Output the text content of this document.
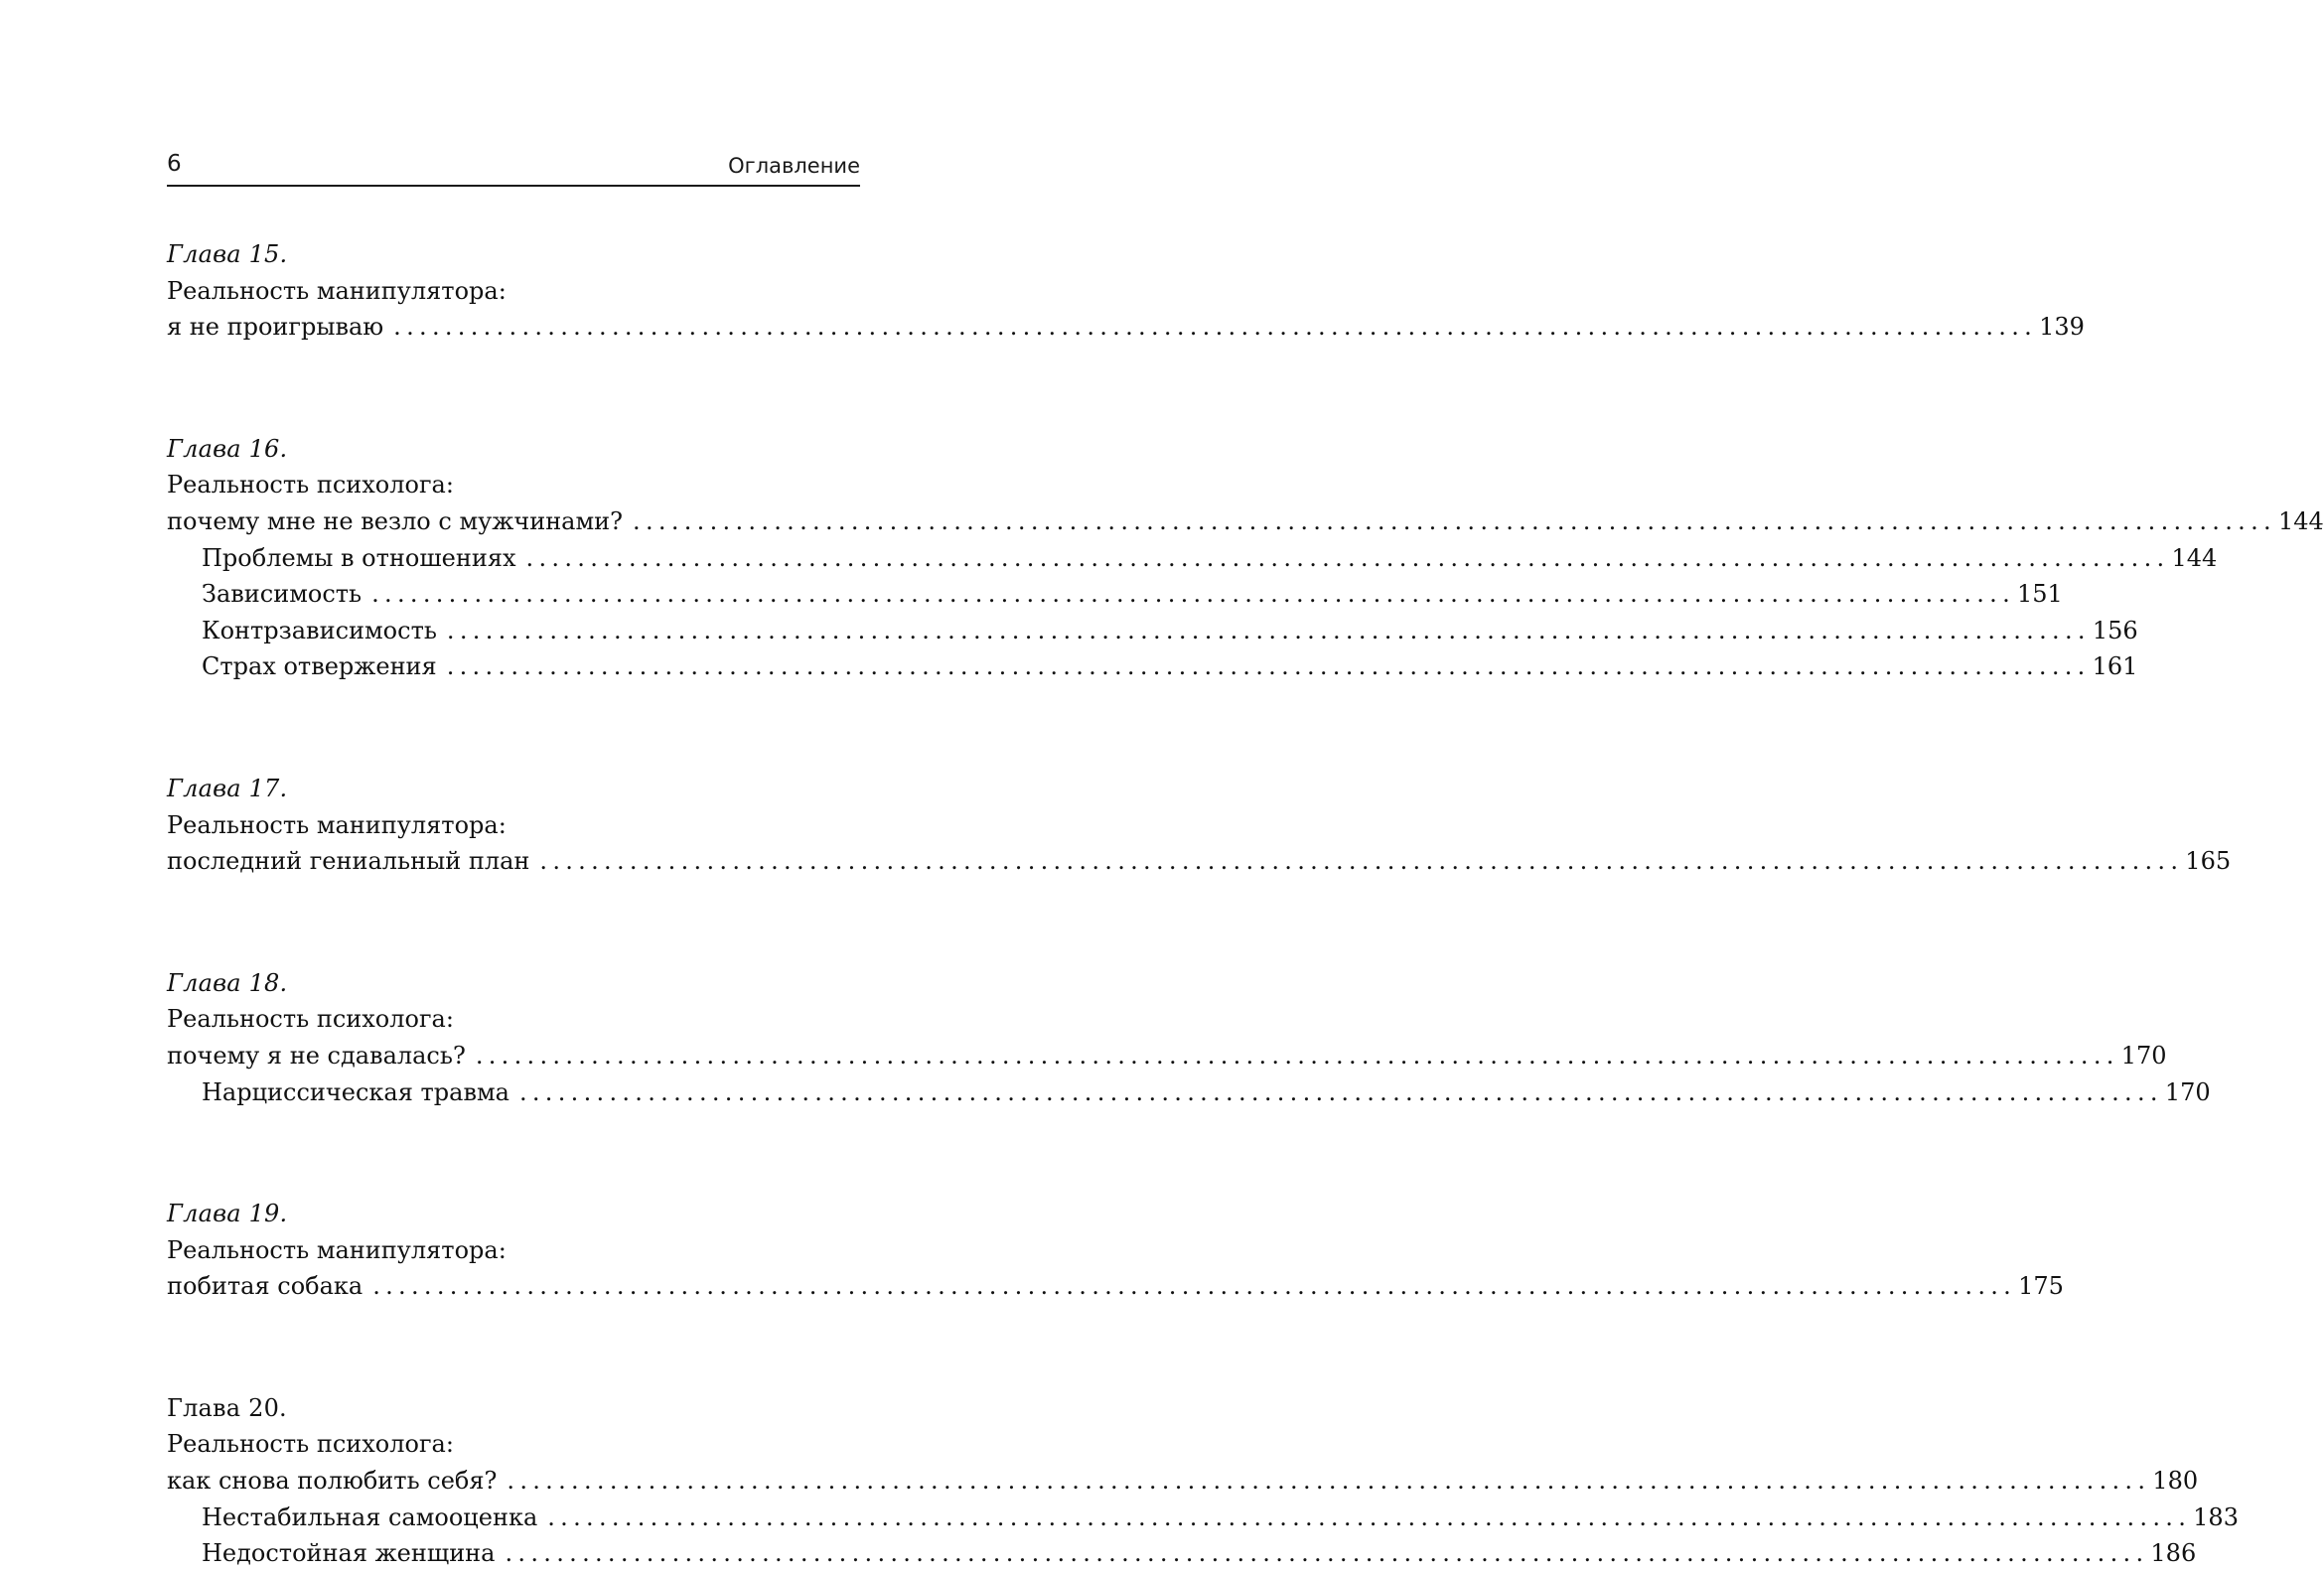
6	Оглавление
Глава 15.
Реальность манипулятора:
я не проигрываю ................................................................................................................................ 139
Глава 16.
Реальность психолога:
почему мне не везло с мужчинами? ................................................................................................................................ 144
Проблемы в отношениях ................................................................................................................................ 144
Зависимость ................................................................................................................................ 151
Контрзависимость ................................................................................................................................ 156
Страх отвержения ................................................................................................................................ 161
Глава 17.
Реальность манипулятора:
последний гениальный план ................................................................................................................................ 165
Глава 18.
Реальность психолога:
почему я не сдавалась? ................................................................................................................................ 170
Нарциссическая травма ................................................................................................................................ 170
Глава 19.
Реальность манипулятора:
побитая собака ................................................................................................................................ 175
Глава 20.
Реальность психолога:
как снова полюбить себя? ................................................................................................................................ 180
Нестабильная самооценка ................................................................................................................................ 183
Недостойная женщина ................................................................................................................................ 186
